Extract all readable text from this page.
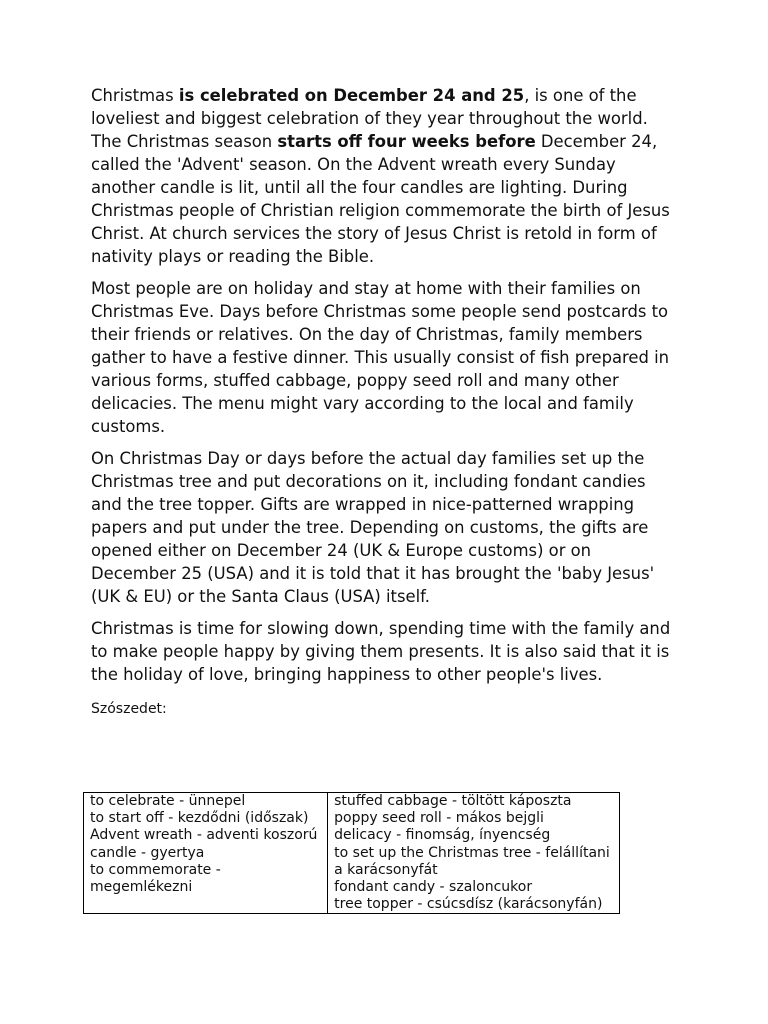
Christmas is celebrated on December 24 and 25, is one of the loveliest and biggest celebration of they year throughout the world. The Christmas season starts off four weeks before December 24, called the 'Advent' season. On the Advent wreath every Sunday another candle is lit, until all the four candles are lighting. During Christmas people of Christian religion commemorate the birth of Jesus Christ. At church services the story of Jesus Christ is retold in form of nativity plays or reading the Bible.

Most people are on holiday and stay at home with their families on Christmas Eve. Days before Christmas some people send postcards to their friends or relatives. On the day of Christmas, family members gather to have a festive dinner. This usually consist of fish prepared in various forms, stuffed cabbage, poppy seed roll and many other delicacies. The menu might vary according to the local and family customs.

On Christmas Day or days before the actual day families set up the Christmas tree and put decorations on it, including fondant candies and the tree topper. Gifts are wrapped in nice-patterned wrapping papers and put under the tree. Depending on customs, the gifts are opened either on December 24 (UK & Europe customs) or on December 25 (USA) and it is told that it has brought the 'baby Jesus' (UK & EU) or the Santa Claus (USA) itself.

Christmas is time for slowing down, spending time with the family and to make people happy by giving them presents. It is also said that it is the holiday of love, bringing happiness to other people's lives.

Szószedet:
to celebrate - ünnepel
to start off - kezdődni (időszak)
Advent wreath - adventi koszorú
candle - gyertya
to commemorate - megemlékezni

stuffed cabbage - töltött káposzta
poppy seed roll - mákos bejgli
delicacy - finomság, ínyencség
to set up the Christmas tree - felállítani a karácsonyfát
fondant candy - szaloncukor
tree topper - csúcsdísz (karácsonyfán)
